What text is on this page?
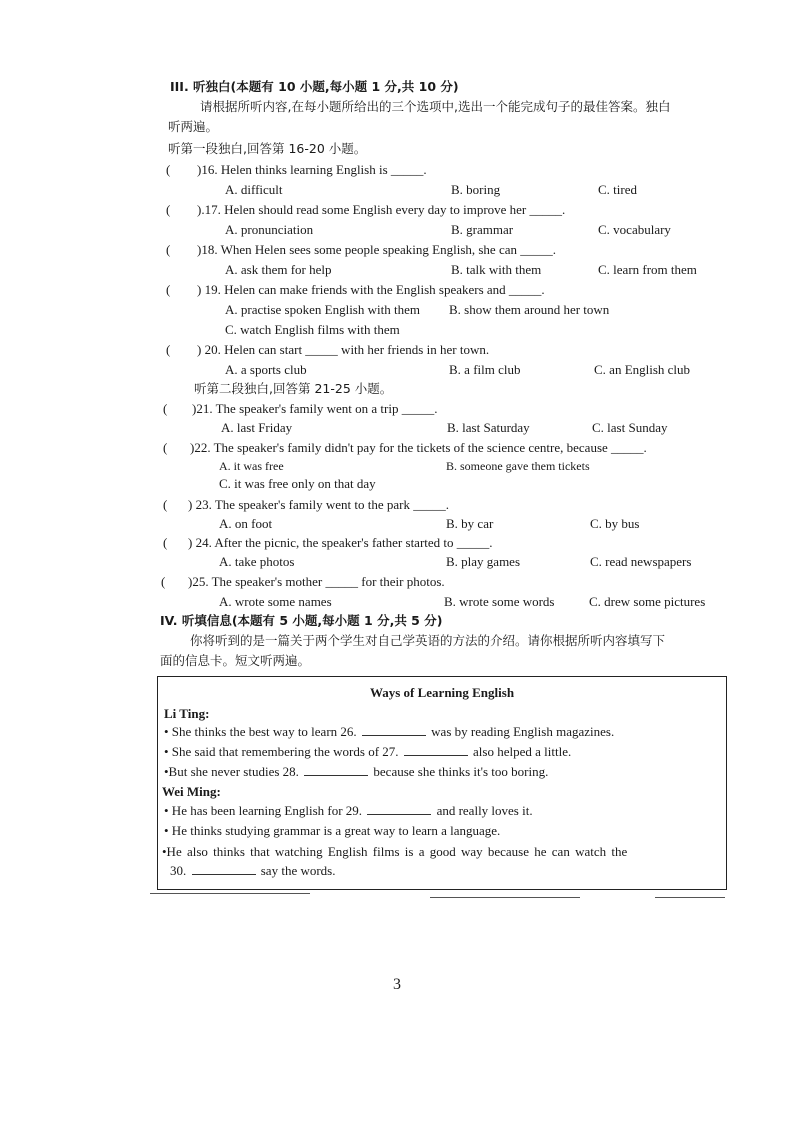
III. 听独白(本题有 10 小题,每小题 1 分,共 10 分)
请根据所听内容,在每小题所给出的三个选项中,选出一个能完成句子的最佳答案。独白
听两遍。
听第一段独白,回答第 16-20 小题。
( )16. Helen thinks learning English is _____.
A. difficult	B. boring	C. tired
( ).17. Helen should read some English every day to improve her _____.
A. pronunciation	B. grammar	C. vocabulary
( )18. When Helen sees some people speaking English, she can _____.
A. ask them for help	B. talk with them	C. learn from them
( ) 19. Helen can make friends with the English speakers and _____.
A. practise spoken English with them B. show them around her town
C. watch English films with them
( ) 20. Helen can start _____ with her friends in her town.
A. a sports club	B. a film club	C. an English club
听第二段独白,回答第 21-25 小题。
( )21. The speaker's family went on a trip _____.
A. last Friday	B. last Saturday	C. last Sunday
( )22. The speaker's family didn't pay for the tickets of the science centre, because _____.
A. it was free	B. someone gave them tickets
C. it was free only on that day
( ) 23. The speaker's family went to the park _____.
A. on foot	B. by car	C. by bus
( ) 24. After the picnic, the speaker's father started to _____.
A. take photos	B. play games	C. read newspapers
( )25. The speaker's mother _____ for their photos.
A. wrote some names	B. wrote some words	C. drew some pictures
IV. 听填信息(本题有 5 小题,每小题 1 分,共 5 分)
你将听到的是一篇关于两个学生对自己学英语的方法的介绍。请你根据所听内容填写下
面的信息卡。短文听两遍。
Ways of Learning English
Li Ting:
• She thinks the best way to learn 26.	was by reading English magazines.
• She said that remembering the words of 27.	also helped a little.
•But she never studies 28.	because she thinks it's too boring.
Wei Ming:
• He has been learning English for 29.	and really loves it.
• He thinks studying grammar is a great way to learn a language.
•He also thinks that watching English films is a good way because he can watch the
30.	say the words.
3
